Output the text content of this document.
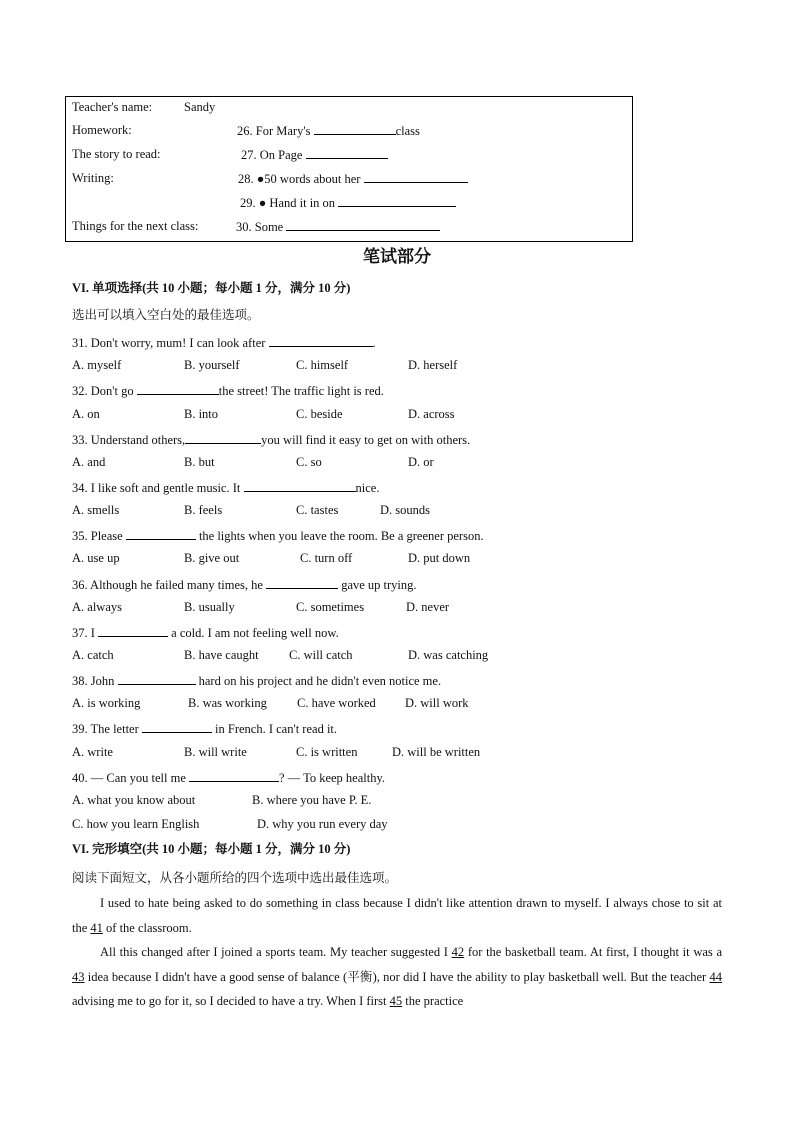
Teacher's name:	Sandy
Homework:	26. For Mary's	class
The story to read:	27. On Page
Writing:	28. ●50 words about her
29. ● Hand it in on
Things for the next class:	30. Some
笔试部分
VI. 单项选择(共 10 小题；每小题 1 分，满分 10 分)
选出可以填入空白处的最佳选项。
31. Don't worry, mum! I can look after	.
A. myself	B. yourself	C. himself	D. herself
32. Don't go	the street! The traffic light is red.
A. on	B. into	C. beside	D. across
33. Understand others,	you will find it easy to get on with others.
A. and	B. but	C. so	D. or
34. I like soft and gentle music. It	nice.
A. smells	B. feels	C. tastes	D. sounds
35. Please	the lights when you leave the room. Be a greener person.
A. use up	B. give out	C. turn off	D. put down
36. Although he failed many times, he	gave up trying.
A. always	B. usually	C. sometimes	D. never
37. I	a cold. I am not feeling well now.
A. catch	B. have caught C. will catch	D. was catching
38. John	hard on his project and he didn't even notice me.
A. is working	B. was working C. have worked D. will work
39. The letter	in French. I can't read it.
A. write	B. will write	C. is written	D. will be written
40. — Can you tell me	? — To keep healthy.
A. what you know about	B. where you have P. E.
C. how you learn English	D. why you run every day
VI. 完形填空(共 10 小题；每小题 1 分，满分 10 分)
阅读下面短文，从各小题所给的四个选项中选出最佳选项。
I used to hate being asked to do something in class because I didn't like attention drawn to myself. I always chose to sit at the 41 of the classroom.
All this changed after I joined a sports team. My teacher suggested I 42 for the basketball team. At first, I thought it was a 43 idea because I didn't have a good sense of balance (平衡), nor did I have the ability to play basketball well. But the teacher 44 advising me to go for it, so I decided to have a try. When I first 45 the practice
